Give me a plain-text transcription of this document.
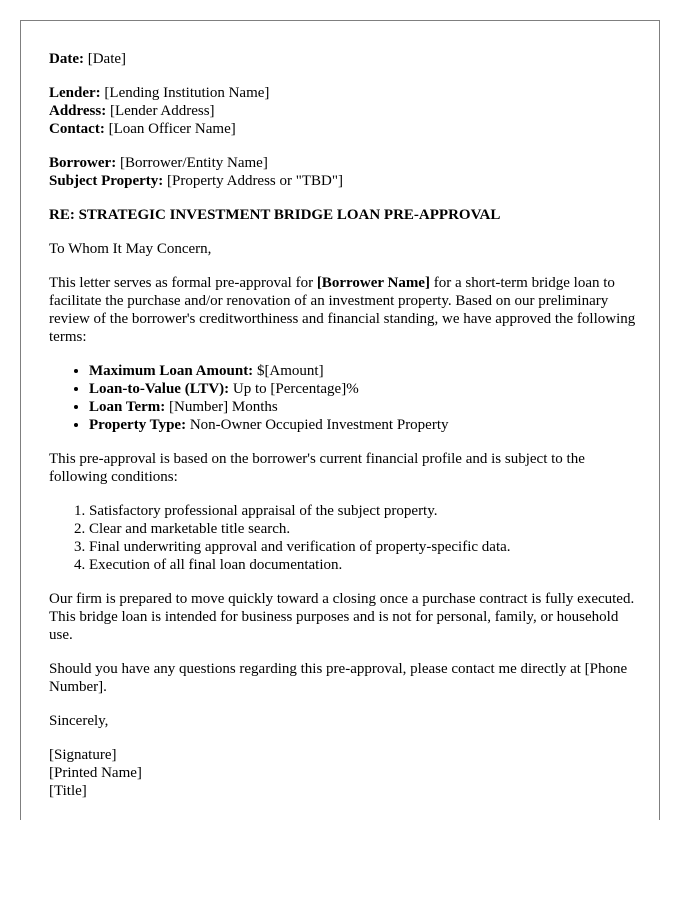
Date: [Date]

Lender: [Lending Institution Name]
Address: [Lender Address]
Contact: [Loan Officer Name]
Borrower: [Borrower/Entity Name]
Subject Property: [Property Address or "TBD"]

RE: STRATEGIC INVESTMENT BRIDGE LOAN PRE-APPROVAL

To Whom It May Concern,

This letter serves as formal pre-approval for [Borrower Name] for a short-term bridge loan to facilitate the purchase and/or renovation of an investment property. Based on our preliminary review of the borrower's creditworthiness and financial standing, we have approved the following terms:

• Maximum Loan Amount: $[Amount]
• Loan-to-Value (LTV): Up to [Percentage]%
• Loan Term: [Number] Months
• Property Type: Non-Owner Occupied Investment Property

This pre-approval is based on the borrower's current financial profile and is subject to the following conditions:

1. Satisfactory professional appraisal of the subject property.
2. Clear and marketable title search.
3. Final underwriting approval and verification of property-specific data.
4. Execution of all final loan documentation.

Our firm is prepared to move quickly toward a closing once a purchase contract is fully executed. This bridge loan is intended for business purposes and is not for personal, family, or household use.

Should you have any questions regarding this pre-approval, please contact me directly at [Phone Number].

Sincerely,

[Signature]
[Printed Name]
[Title]
